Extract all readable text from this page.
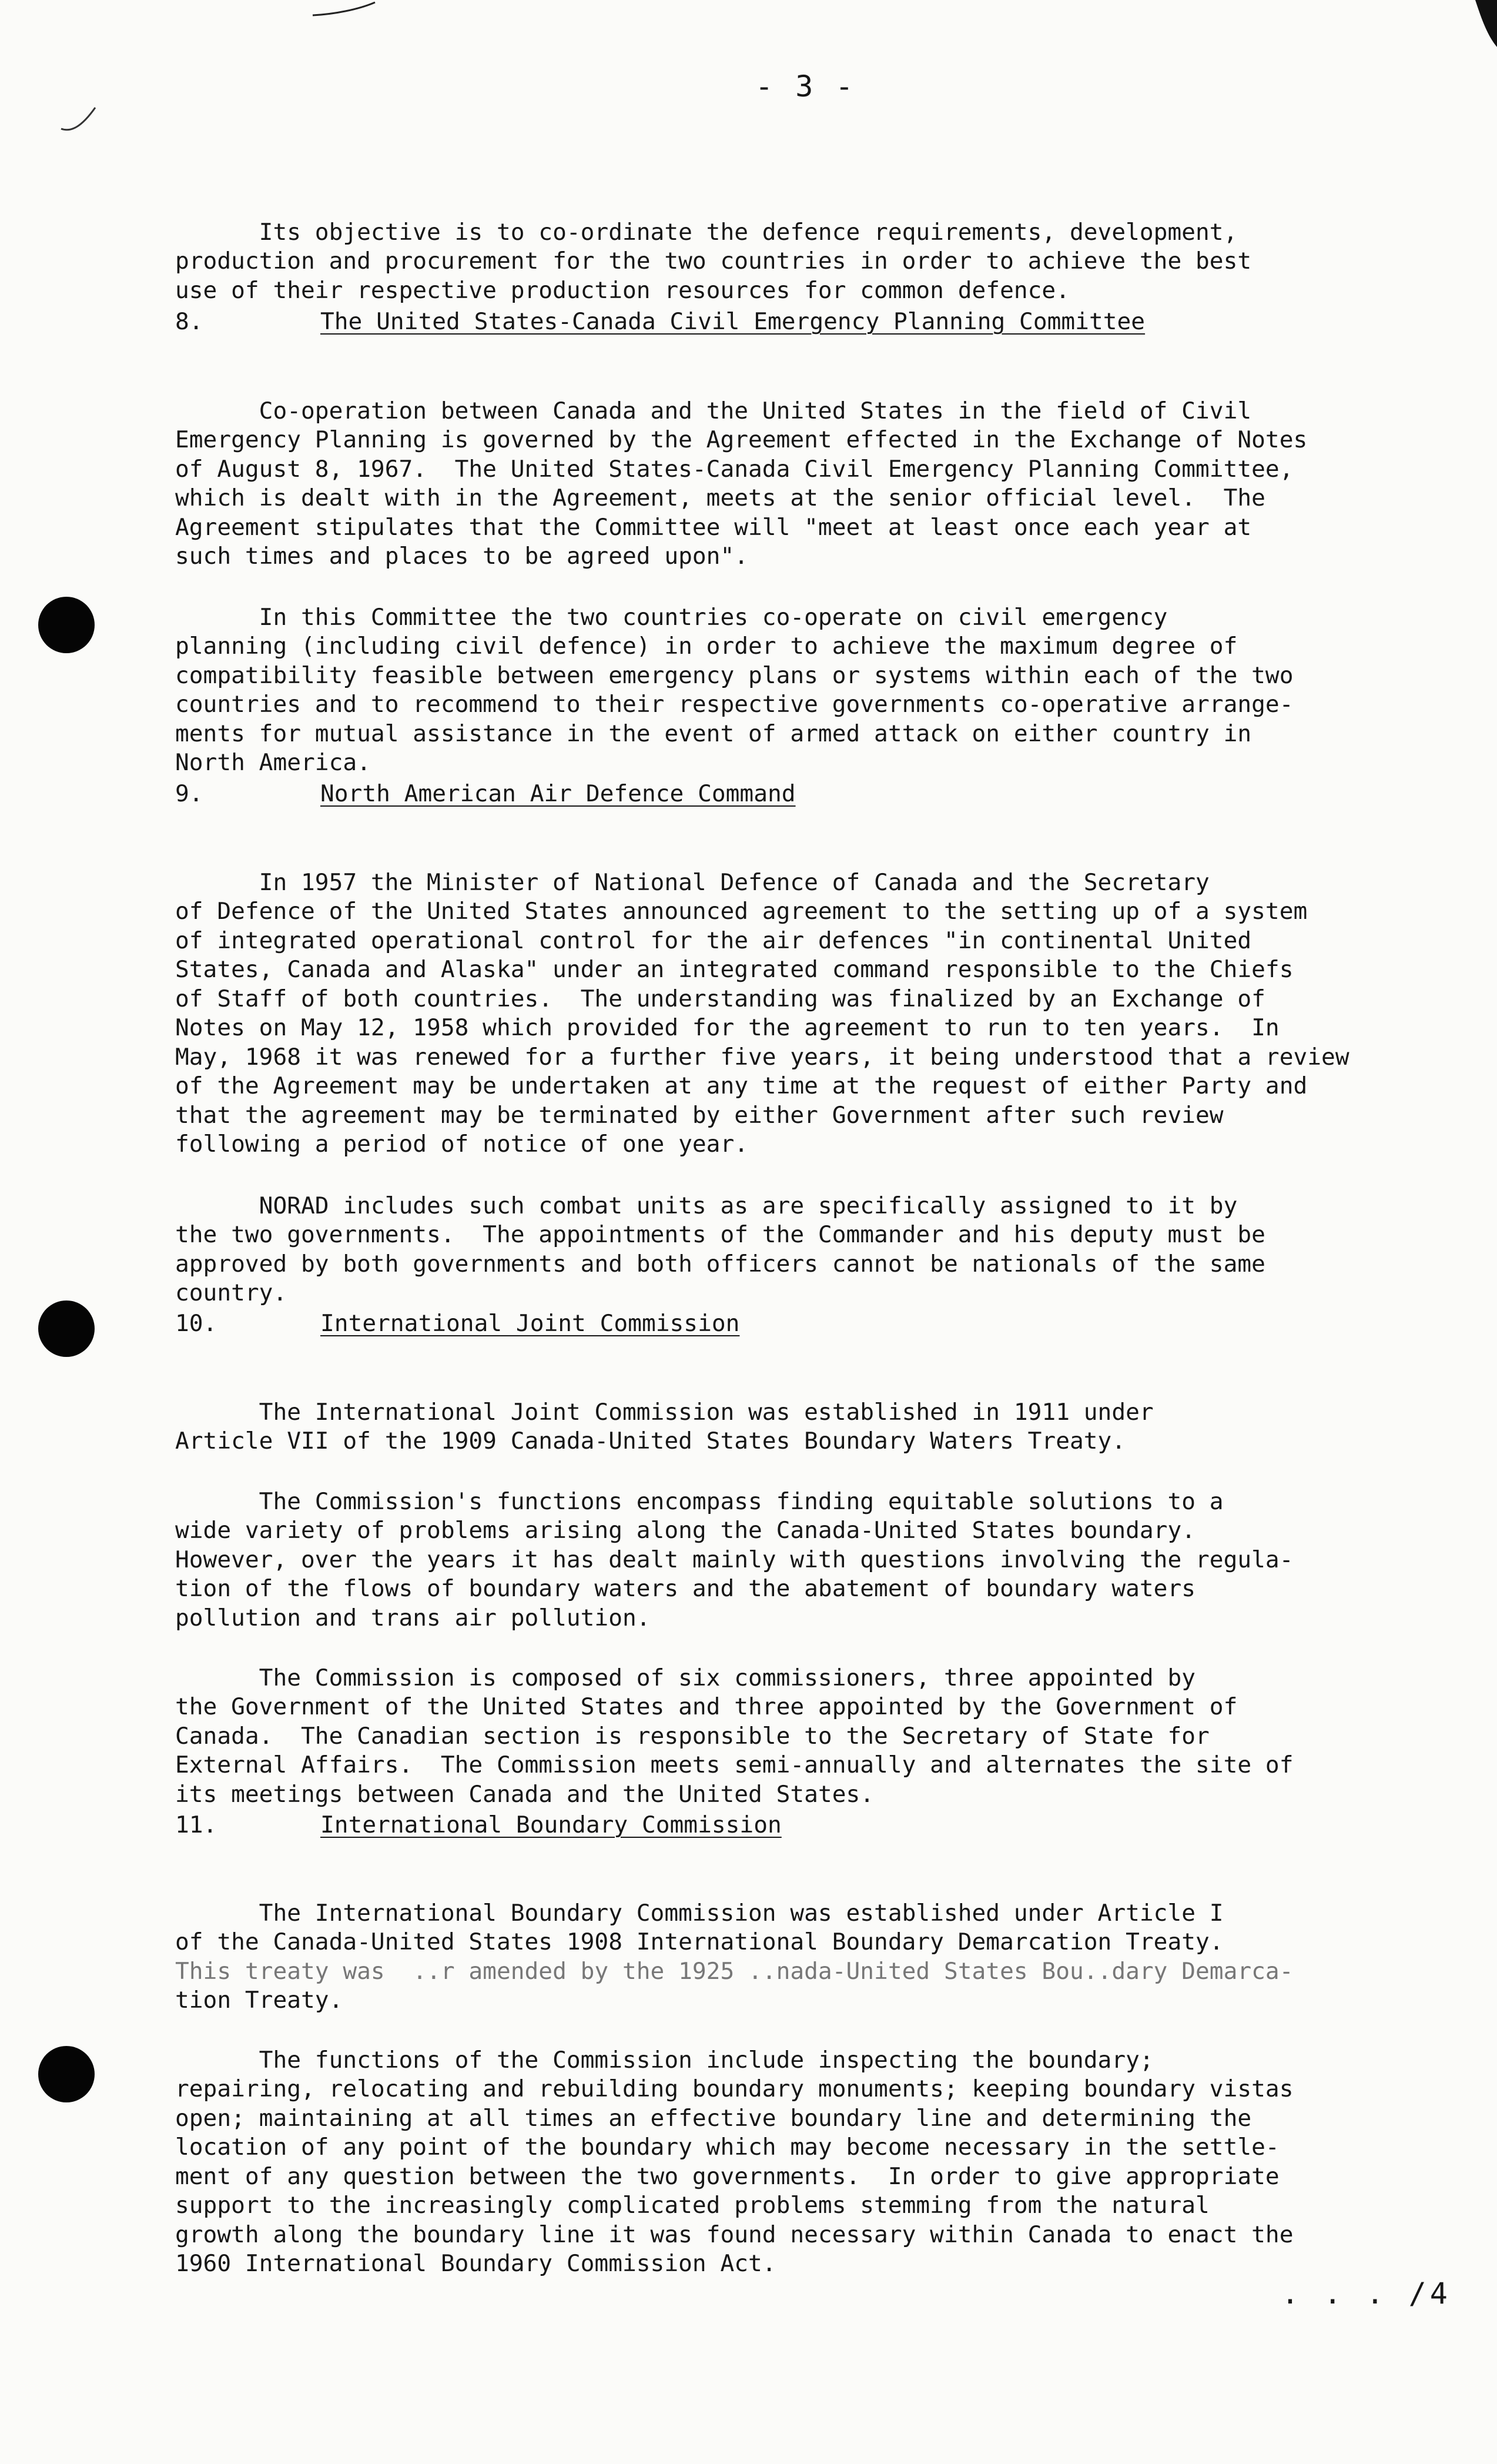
- 3 -

Its objective is to co-ordinate the defence requirements, development,
production and procurement for the two countries in order to achieve the best
use of their respective production resources for common defence.
8.	The United States-Canada Civil Emergency Planning Committee

Co-operation between Canada and the United States in the field of Civil
Emergency Planning is governed by the Agreement effected in the Exchange of Notes
of August 8, 1967.  The United States-Canada Civil Emergency Planning Committee,
which is dealt with in the Agreement, meets at the senior official level.  The
Agreement stipulates that the Committee will "meet at least once each year at
such times and places to be agreed upon".

In this Committee the two countries co-operate on civil emergency
planning (including civil defence) in order to achieve the maximum degree of
compatibility feasible between emergency plans or systems within each of the two
countries and to recommend to their respective governments co-operative arrange-
ments for mutual assistance in the event of armed attack on either country in
North America.
9.	North American Air Defence Command

In 1957 the Minister of National Defence of Canada and the Secretary
of Defence of the United States announced agreement to the setting up of a system
of integrated operational control for the air defences "in continental United
States, Canada and Alaska" under an integrated command responsible to the Chiefs
of Staff of both countries.  The understanding was finalized by an Exchange of
Notes on May 12, 1958 which provided for the agreement to run to ten years.  In
May, 1968 it was renewed for a further five years, it being understood that a review
of the Agreement may be undertaken at any time at the request of either Party and
that the agreement may be terminated by either Government after such review
following a period of notice of one year.

NORAD includes such combat units as are specifically assigned to it by
the two governments.  The appointments of the Commander and his deputy must be
approved by both governments and both officers cannot be nationals of the same
country.
10.	International Joint Commission

The International Joint Commission was established in 1911 under
Article VII of the 1909 Canada-United States Boundary Waters Treaty.

The Commission's functions encompass finding equitable solutions to a
wide variety of problems arising along the Canada-United States boundary.
However, over the years it has dealt mainly with questions involving the regula-
tion of the flows of boundary waters and the abatement of boundary waters
pollution and trans air pollution.

The Commission is composed of six commissioners, three appointed by
the Government of the United States and three appointed by the Government of
Canada.  The Canadian section is responsible to the Secretary of State for
External Affairs.  The Commission meets semi-annually and alternates the site of
its meetings between Canada and the United States.
11.	International Boundary Commission

The International Boundary Commission was established under Article I
of the Canada-United States 1908 International Boundary Demarcation Treaty.
This treaty was  ..r amended by the 1925 ..nada-United States Bou..dary Demarca-
tion Treaty.

The functions of the Commission include inspecting the boundary;
repairing, relocating and rebuilding boundary monuments; keeping boundary vistas
open; maintaining at all times an effective boundary line and determining the
location of any point of the boundary which may become necessary in the settle-
ment of any question between the two governments.  In order to give appropriate
support to the increasingly complicated problems stemming from the natural
growth along the boundary line it was found necessary within Canada to enact the
1960 International Boundary Commission Act.
. . . /4
